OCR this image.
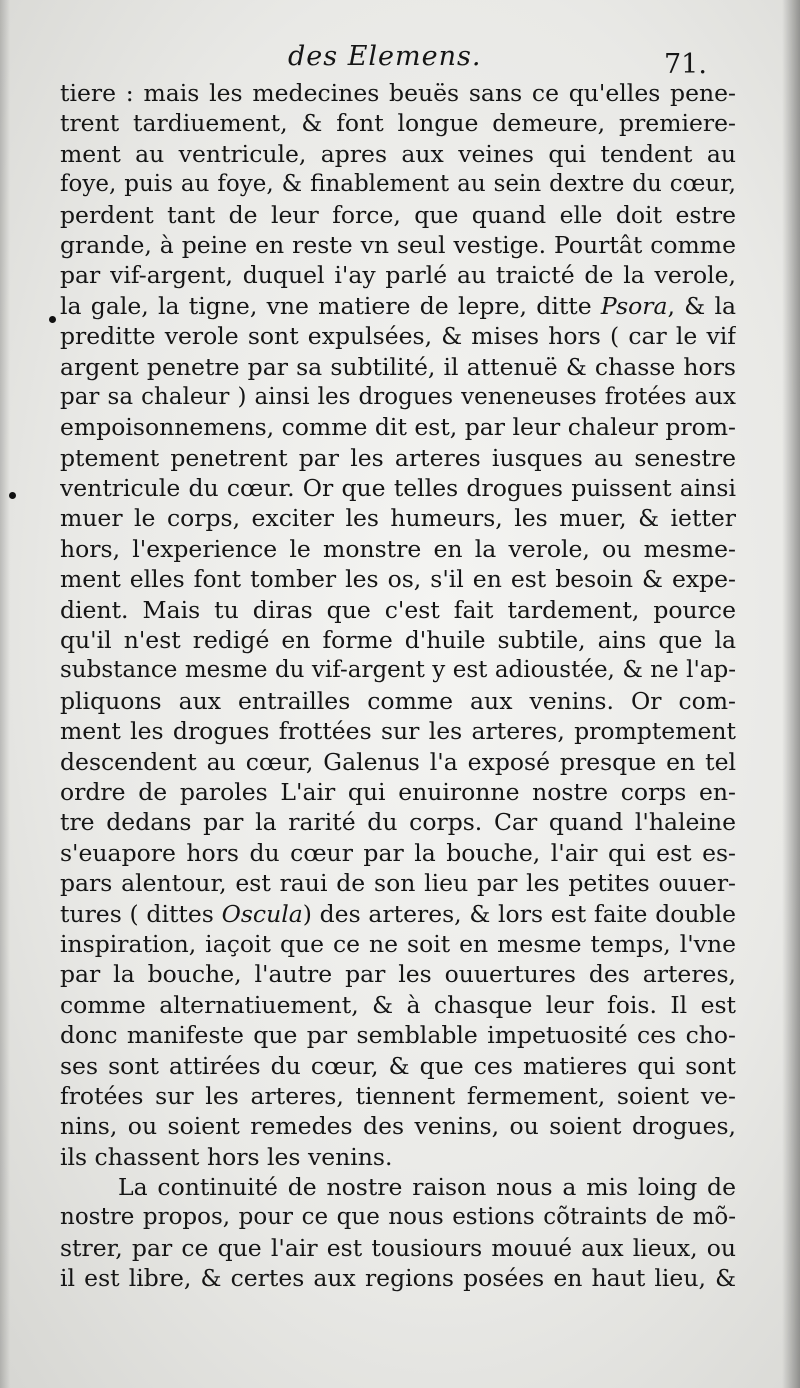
des Elemens.	71.
tiere : mais les medecines beuës sans ce qu'elles pene-
trent tardiuement, & font longue demeure, premiere-
ment au ventricule, apres aux veines qui tendent au
foye, puis au foye, & finablement au sein dextre du cœur,
perdent tant de leur force, que quand elle doit estre
grande, à peine en reste vn seul vestige. Pourtât comme
par vif-argent, duquel i'ay parlé au traicté de la verole,
la gale, la tigne, vne matiere de lepre, ditte Psora, & la
preditte verole sont expulsées, & mises hors ( car le vif
argent penetre par sa subtilité, il attenuë & chasse hors
par sa chaleur ) ainsi les drogues veneneuses frotées aux
empoisonnemens, comme dit est, par leur chaleur prom-
ptement penetrent par les arteres iusques au senestre
ventricule du cœur. Or que telles drogues puissent ainsi
muer le corps, exciter les humeurs, les muer, & ietter
hors, l'experience le monstre en la verole, ou mesme-
ment elles font tomber les os, s'il en est besoin & expe-
dient. Mais tu diras que c'est fait tardement, pource
qu'il n'est redigé en forme d'huile subtile, ains que la
substance mesme du vif-argent y est adioustée, & ne l'ap-
pliquons aux entrailles comme aux venins. Or com-
ment les drogues frottées sur les arteres, promptement
descendent au cœur, Galenus l'a exposé presque en tel
ordre de paroles L'air qui enuironne nostre corps en-
tre dedans par la rarité du corps. Car quand l'haleine
s'euapore hors du cœur par la bouche, l'air qui est es-
pars alentour, est raui de son lieu par les petites ouuer-
tures ( dittes Oscula) des arteres, & lors est faite double
inspiration, iaçoit que ce ne soit en mesme temps, l'vne
par la bouche, l'autre par les ouuertures des arteres,
comme alternatiuement, & à chasque leur fois. Il est
donc manifeste que par semblable impetuosité ces cho-
ses sont attirées du cœur, & que ces matieres qui sont
frotées sur les arteres, tiennent fermement, soient ve-
nins, ou soient remedes des venins, ou soient drogues,
ils chassent hors les venins.
La continuité de nostre raison nous a mis loing de
nostre propos, pour ce que nous estions cõtraints de mõ-
strer, par ce que l'air est tousiours mouué aux lieux, ou
il est libre, & certes aux regions posées en haut lieu, &
